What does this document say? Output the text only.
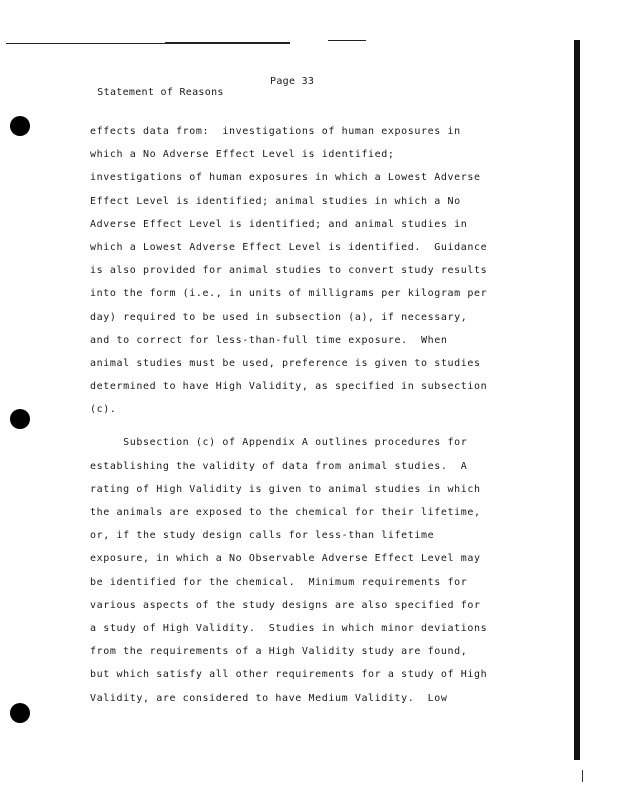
Statement of Reasons

Page 33

effects data from:  investigations of human exposures in
which a No Adverse Effect Level is identified;
investigations of human exposures in which a Lowest Adverse
Effect Level is identified; animal studies in which a No
Adverse Effect Level is identified; and animal studies in
which a Lowest Adverse Effect Level is identified.  Guidance
is also provided for animal studies to convert study results
into the form (i.e., in units of milligrams per kilogram per
day) required to be used in subsection (a), if necessary,
and to correct for less-than-full time exposure.  When
animal studies must be used, preference is given to studies
determined to have High Validity, as specified in subsection
(c).
Subsection (c) of Appendix A outlines procedures for
establishing the validity of data from animal studies.  A
rating of High Validity is given to animal studies in which
the animals are exposed to the chemical for their lifetime,
or, if the study design calls for less-than lifetime
exposure, in which a No Observable Adverse Effect Level may
be identified for the chemical.  Minimum requirements for
various aspects of the study designs are also specified for
a study of High Validity.  Studies in which minor deviations
from the requirements of a High Validity study are found,
but which satisfy all other requirements for a study of High
Validity, are considered to have Medium Validity.  Low
